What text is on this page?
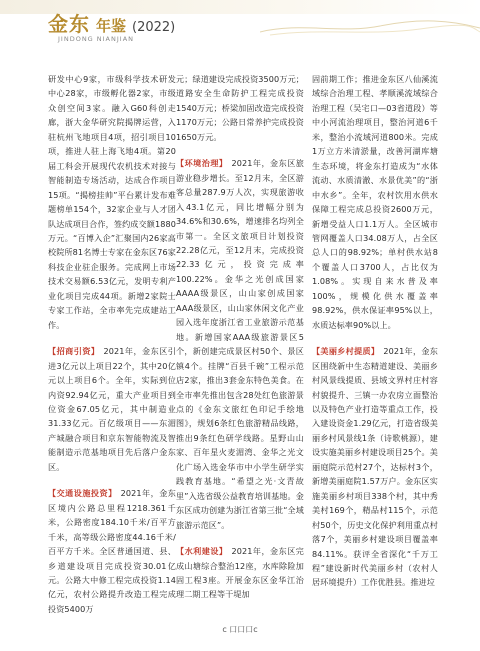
金东 年鉴 (2022)
JINDONG NIANJIAN

研发中心9家，市级科学技术研发中心28家，市级孵化器2家，市级众创空间3家。融入G60科创走廊，浙大金华研究院揭牌运营，入驻杭州飞地项目4项，招引项目10项，推进人驻上海飞地4项。第20届工科会开展现代农机技术对接与智能制造专场活动，达成合作项目15项。“揭榜挂帅”平台累计发布难题榜单154个，32家企业与人才团队达成项目合作，签约成交额1880万元。“百博入企”汇聚国内26家高校院所81名博士专家在金东区76家科技企业驻企服务。完成网上市场技术交易额6.53亿元，发明专利产业化项目完成44项。新增2家院士专家工作站，全市率先完成建站工作。

【招商引资】 2021年，金东区引进3亿元以上项目22个，其中20亿元以上项目6个。全年，实际到位内资92.94亿元，重大产业项目到位资金67.05亿元，其中制造业31.33亿元。百亿级项目——东湄产城融合项目和京东智能物流及智能制造示范基地项目先后落户金东区。

【交通设施投资】 2021年，金东区境内公路总里程1218.361千米，公路密度184.10千米/百平方千米，高等级公路密度44.16千米/百平方千米。全区普通国道、县、乡道建设项目完成投资30.01亿元。公路大中修工程完成投资1.14亿元，农村公路提升改造工程完成投资5400万

元；绿道建设完成投资3500万元；道路安全生命防护工程完成投资1540万元；桥梁加固改造完成投资1170万元；公路日常养护完成投资1650万元。

【环境治理】 2021年，金东区旅游业稳步增长。至12月末，全区游客总量287.9万人次，实现旅游收入43.1亿元，同比增幅分别为34.6%和30.6%，增速排名均列全市第一。全区文旅项目计划投资22.28亿元，至12月末，完成投资22.33亿元，投资完成率100.22%。金华之光创成国家AAAA级景区，山山家创成国家AAA级景区，山山家休闲文化产业园入选年度浙江省工业旅游示范基地。新增国家AAA级旅游景区5个，新创建完成景区村50个、景区镇4个。挂牌“百县千碗”工程示范店2家，推出3套金东特色美食。在全市率先推出包含28处红色旅游景点的《金东文旅红色印记手绘地图》，规划6条红色旅游精品线路，推出9条红色研学线路。星野山山家、百年星火麦湄湾、金华之光文化广场入选金华市中小学生研学实践教育基地。“希望之光·文青故里”入选省级公益教育培训基地。金东区成功创建为浙江省第三批“全域旅游示范区”。

【水利建设】 2021年，金东区完成山塘综合整治12座，水库除险加固工程3座。开展金东区金华江治理二期工程等干堤加

固前期工作；推进金东区八仙溪流域综合治理工程、孝顺溪流域综合治理工程（吴宅口—03省道段）等中小河流治理项目，整治河道6千米，整治小流域河道800米。完成1万立方米清淤量，改善河湖库塘生态环境，将金东打造成为“水体流动、水质清澈、水景优美”的“浙中水乡”。全年，农村饮用水供水保障工程完成总投资2600万元，新增受益人口1.1万人。全区城市管网覆盖人口34.08万人，占全区总人口的98.92%；单村供水站8个覆盖人口3700人，占比仅为1.08%。实现自来水普及率100%，规模化供水覆盖率98.92%，供水保证率95%以上，水质达标率90%以上。

【美丽乡村提质】 2021年，金东区围绕新中生态精道建设、美丽乡村风景线提质、县域文界村庄村容村貌提升、三镇一办农房立面整治以及特色产业打造等重点工作，投入建设资金1.29亿元，打造省级美丽乡村风景线1条（诗歌桃源），建设实施美丽乡村建设项目25个。美丽庭院示范村27个，达标村3个，新增美丽庭院1.57万户。金东区实施美丽乡村项目338个村，其中秀美村169个，精品村115个，示范村50个，历史文化保护利用重点村落7个，美丽乡村建设项目覆盖率84.11%。获评全省深化“千万工程”建设新时代美丽乡村（农村人居环境提升）工作优胜县。推进垃

c 口口口c
